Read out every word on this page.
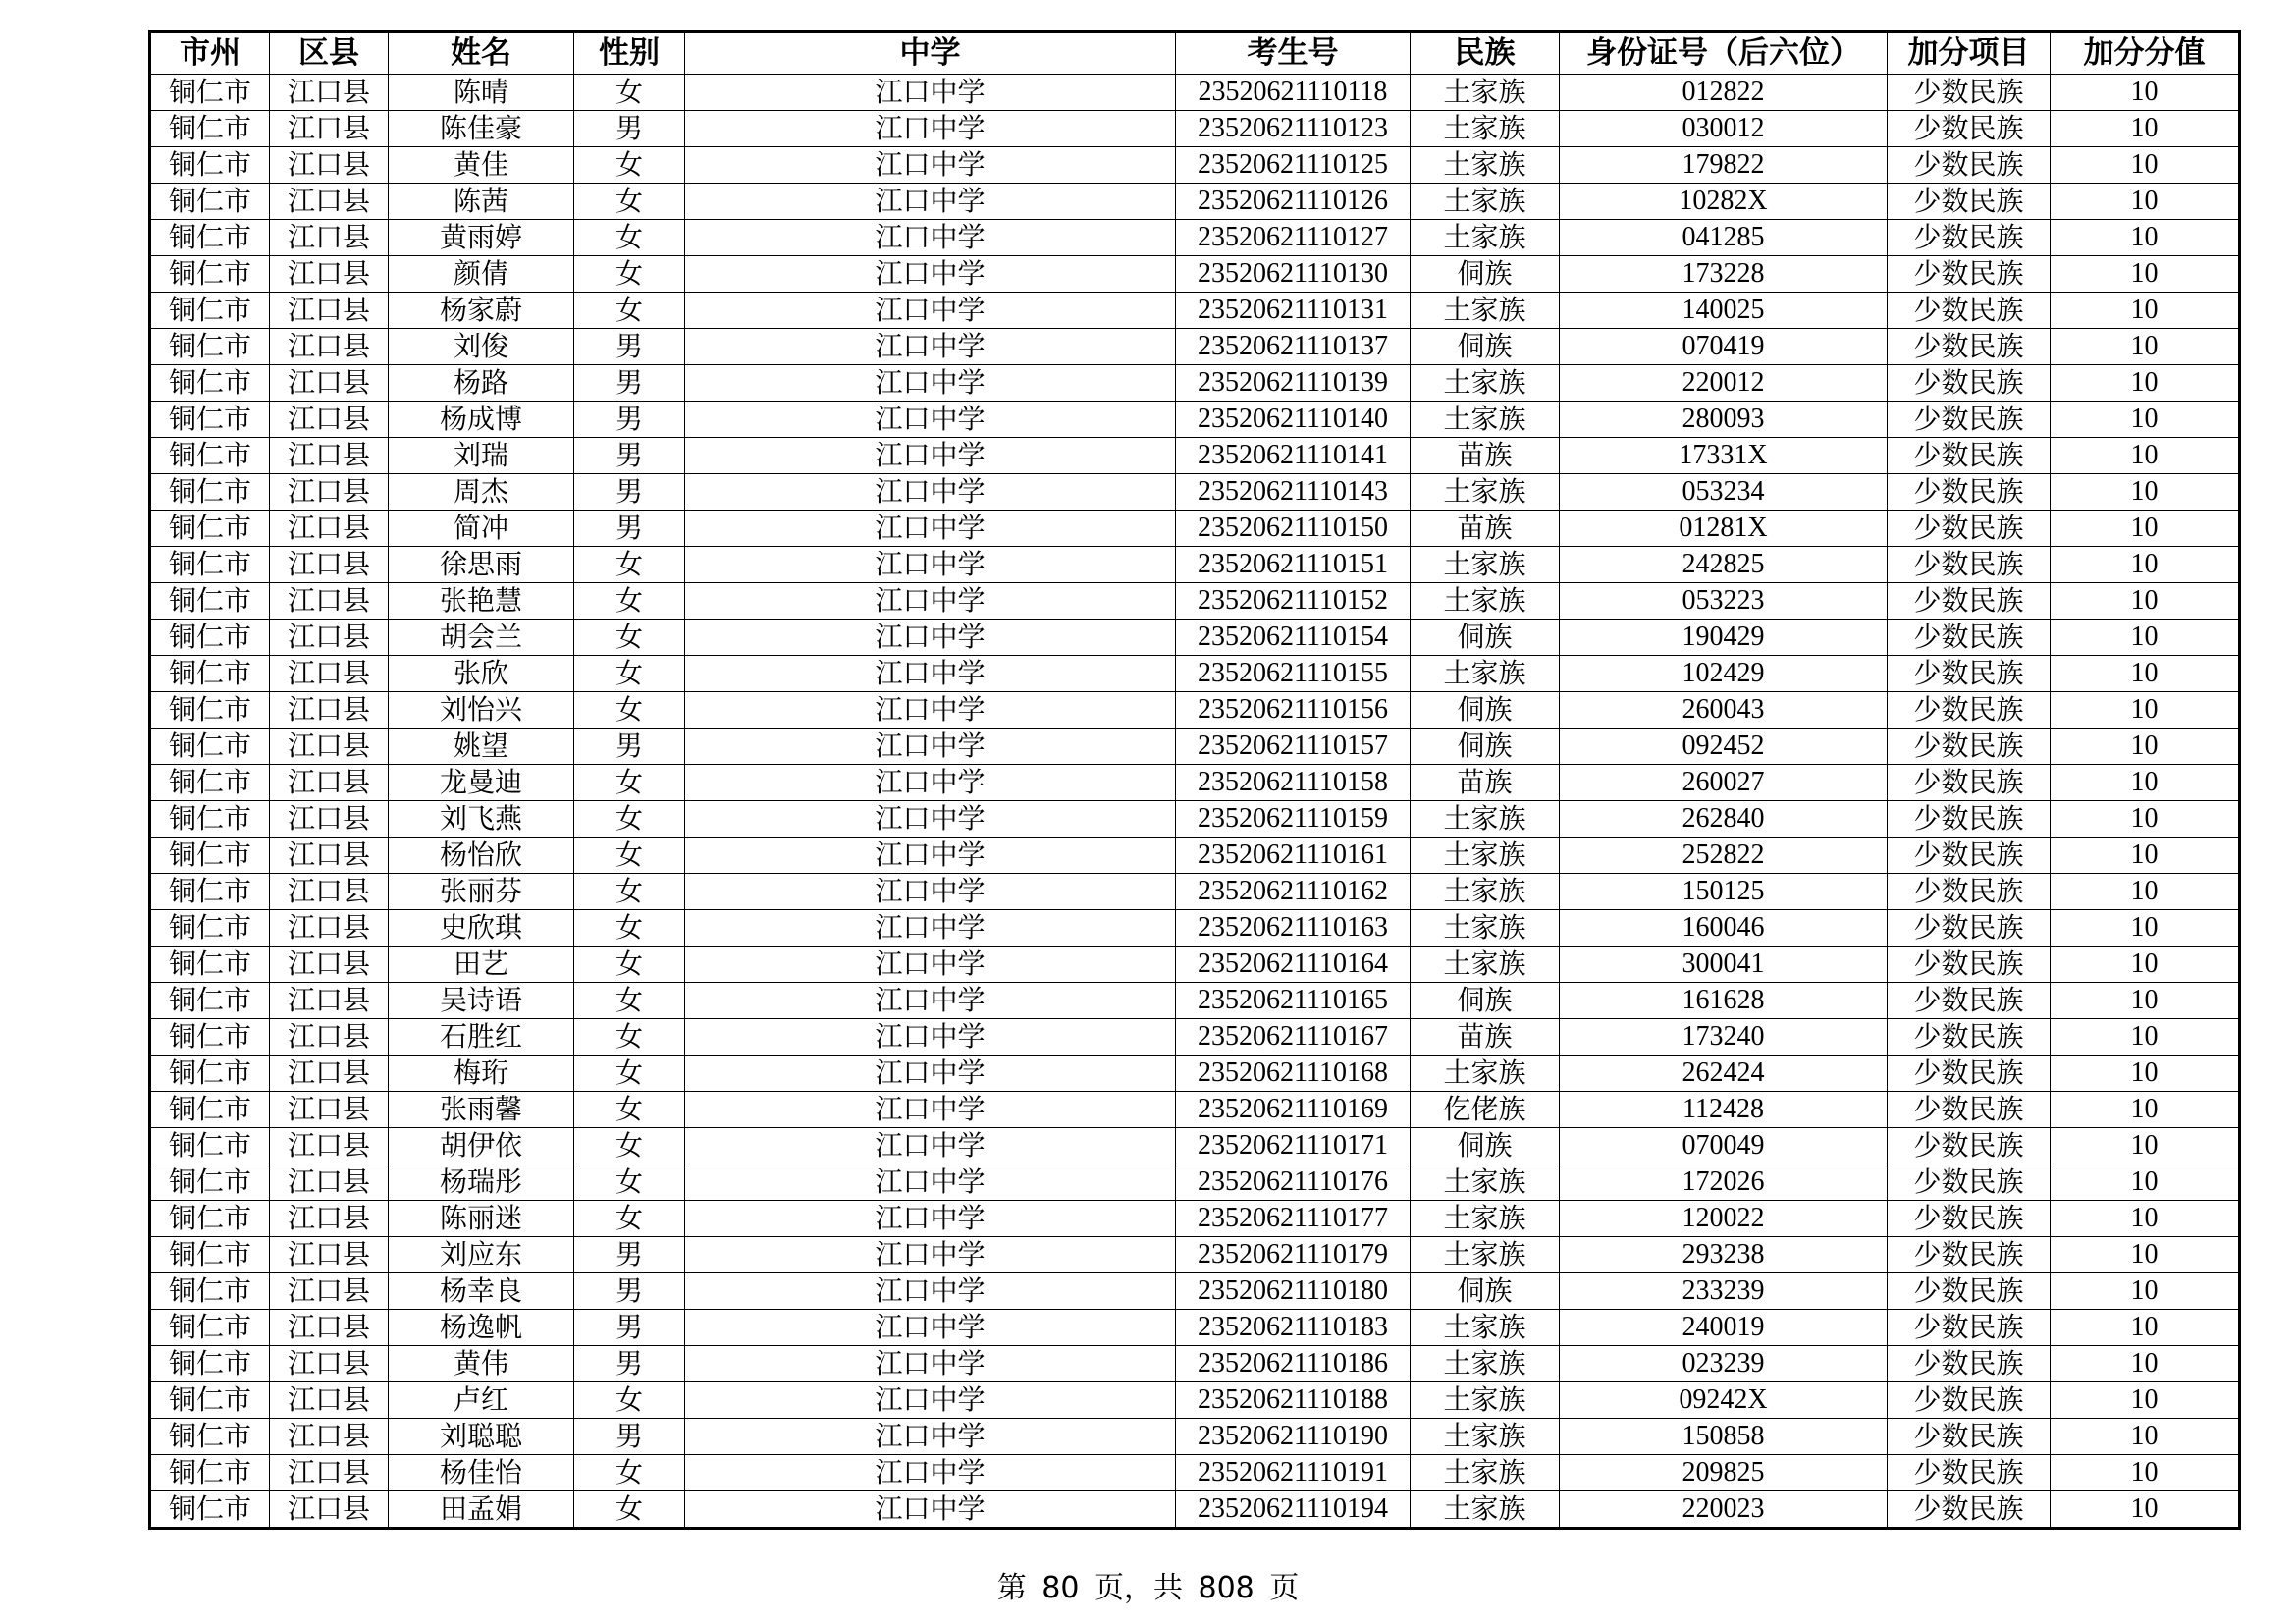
市州	区县	姓名	性别	中学	考生号	民族	身份证号（后六位）	加分项目	加分分值
铜仁市	江口县	陈晴	女	江口中学	23520621110118	土家族	012822	少数民族	10
铜仁市	江口县	陈佳豪	男	江口中学	23520621110123	土家族	030012	少数民族	10
铜仁市	江口县	黄佳	女	江口中学	23520621110125	土家族	179822	少数民族	10
铜仁市	江口县	陈茜	女	江口中学	23520621110126	土家族	10282X	少数民族	10
铜仁市	江口县	黄雨婷	女	江口中学	23520621110127	土家族	041285	少数民族	10
铜仁市	江口县	颜倩	女	江口中学	23520621110130	侗族	173228	少数民族	10
铜仁市	江口县	杨家蔚	女	江口中学	23520621110131	土家族	140025	少数民族	10
铜仁市	江口县	刘俊	男	江口中学	23520621110137	侗族	070419	少数民族	10
铜仁市	江口县	杨路	男	江口中学	23520621110139	土家族	220012	少数民族	10
铜仁市	江口县	杨成博	男	江口中学	23520621110140	土家族	280093	少数民族	10
铜仁市	江口县	刘瑞	男	江口中学	23520621110141	苗族	17331X	少数民族	10
铜仁市	江口县	周杰	男	江口中学	23520621110143	土家族	053234	少数民族	10
铜仁市	江口县	简冲	男	江口中学	23520621110150	苗族	01281X	少数民族	10
铜仁市	江口县	徐思雨	女	江口中学	23520621110151	土家族	242825	少数民族	10
铜仁市	江口县	张艳慧	女	江口中学	23520621110152	土家族	053223	少数民族	10
铜仁市	江口县	胡会兰	女	江口中学	23520621110154	侗族	190429	少数民族	10
铜仁市	江口县	张欣	女	江口中学	23520621110155	土家族	102429	少数民族	10
铜仁市	江口县	刘怡兴	女	江口中学	23520621110156	侗族	260043	少数民族	10
铜仁市	江口县	姚望	男	江口中学	23520621110157	侗族	092452	少数民族	10
铜仁市	江口县	龙曼迪	女	江口中学	23520621110158	苗族	260027	少数民族	10
铜仁市	江口县	刘飞燕	女	江口中学	23520621110159	土家族	262840	少数民族	10
铜仁市	江口县	杨怡欣	女	江口中学	23520621110161	土家族	252822	少数民族	10
铜仁市	江口县	张丽芬	女	江口中学	23520621110162	土家族	150125	少数民族	10
铜仁市	江口县	史欣琪	女	江口中学	23520621110163	土家族	160046	少数民族	10
铜仁市	江口县	田艺	女	江口中学	23520621110164	土家族	300041	少数民族	10
铜仁市	江口县	吴诗语	女	江口中学	23520621110165	侗族	161628	少数民族	10
铜仁市	江口县	石胜红	女	江口中学	23520621110167	苗族	173240	少数民族	10
铜仁市	江口县	梅珩	女	江口中学	23520621110168	土家族	262424	少数民族	10
铜仁市	江口县	张雨馨	女	江口中学	23520621110169	仡佬族	112428	少数民族	10
铜仁市	江口县	胡伊依	女	江口中学	23520621110171	侗族	070049	少数民族	10
铜仁市	江口县	杨瑞彤	女	江口中学	23520621110176	土家族	172026	少数民族	10
铜仁市	江口县	陈丽迷	女	江口中学	23520621110177	土家族	120022	少数民族	10
铜仁市	江口县	刘应东	男	江口中学	23520621110179	土家族	293238	少数民族	10
铜仁市	江口县	杨幸良	男	江口中学	23520621110180	侗族	233239	少数民族	10
铜仁市	江口县	杨逸帆	男	江口中学	23520621110183	土家族	240019	少数民族	10
铜仁市	江口县	黄伟	男	江口中学	23520621110186	土家族	023239	少数民族	10
铜仁市	江口县	卢红	女	江口中学	23520621110188	土家族	09242X	少数民族	10
铜仁市	江口县	刘聪聪	男	江口中学	23520621110190	土家族	150858	少数民族	10
铜仁市	江口县	杨佳怡	女	江口中学	23520621110191	土家族	209825	少数民族	10
铜仁市	江口县	田孟娟	女	江口中学	23520621110194	土家族	220023	少数民族	10
第 80 页，共 808 页
